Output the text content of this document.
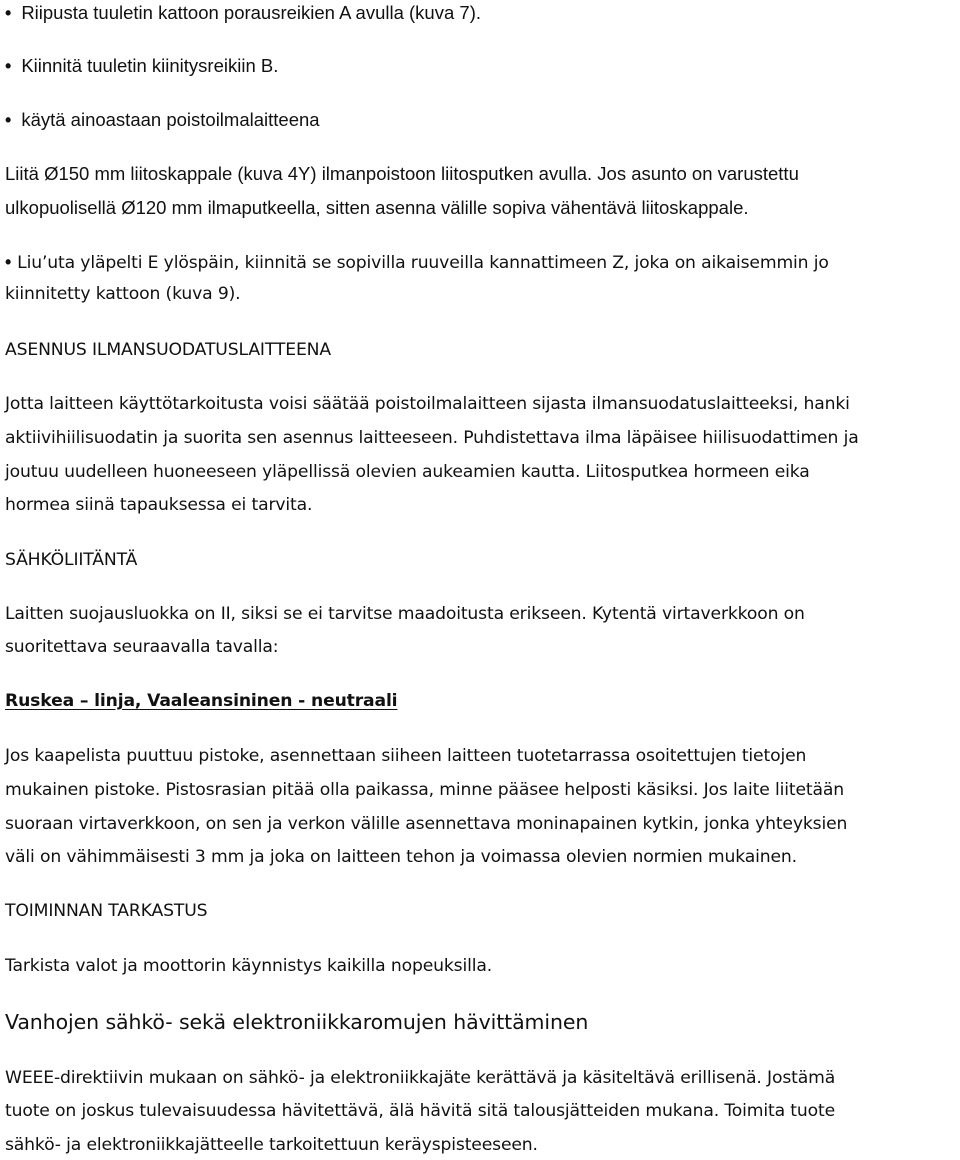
• Riipusta tuuletin kattoon porausreikien A avulla (kuva 7).
• Kiinnitä tuuletin kiinitysreikiin B.
• käytä ainoastaan poistoilmalaitteena
Liitä Ø150 mm liitoskappale (kuva 4Y) ilmanpoistoon liitosputken avulla. Jos asunto on varustettu
ulkopuolisellä Ø120 mm ilmaputkeella, sitten asenna välille sopiva vähentävä liitoskappale.
• Liu’uta yläpelti E ylöspäin, kiinnitä se sopivilla ruuveilla kannattimeen Z, joka on aikaisemmin jo
kiinnitetty kattoon (kuva 9).
ASENNUS ILMANSUODATUSLAITTEENA
Jotta laitteen käyttötarkoitusta voisi säätää poistoilmalaitteen sijasta ilmansuodatuslaitteeksi, hanki
aktiivihiilisuodatin ja suorita sen asennus laitteeseen. Puhdistettava ilma läpäisee hiilisuodattimen ja
joutuu uudelleen huoneeseen yläpellissä olevien aukeamien kautta. Liitosputkea hormeen eika
hormea siinä tapauksessa ei tarvita.
SÄHKÖLIITÄNTÄ
Laitten suojausluokka on II, siksi se ei tarvitse maadoitusta erikseen. Kytentä virtaverkkoon on
suoritettava seuraavalla tavalla:
Ruskea – linja, Vaaleansininen - neutraali
Jos kaapelista puuttuu pistoke, asennettaan siiheen laitteen tuotetarrassa osoitettujen tietojen
mukainen pistoke. Pistosrasian pitää olla paikassa, minne pääsee helposti käsiksi. Jos laite liitetään
suoraan virtaverkkoon, on sen ja verkon välille asennettava moninapainen kytkin, jonka yhteyksien
väli on vähimmäisesti 3 mm ja joka on laitteen tehon ja voimassa olevien normien mukainen.
TOIMINNAN TARKASTUS
Tarkista valot ja moottorin käynnistys kaikilla nopeuksilla.
Vanhojen sähkö- sekä elektroniikkaromujen hävittäminen
WEEE-direktiivin mukaan on sähkö- ja elektroniikkajäte kerättävä ja käsiteltävä erillisenä. Jostämä
tuote on joskus tulevaisuudessa hävitettävä, älä hävitä sitä talousjätteiden mukana. Toimita tuote
sähkö- ja elektroniikkajätteelle tarkoitettuun keräyspisteeseen.
